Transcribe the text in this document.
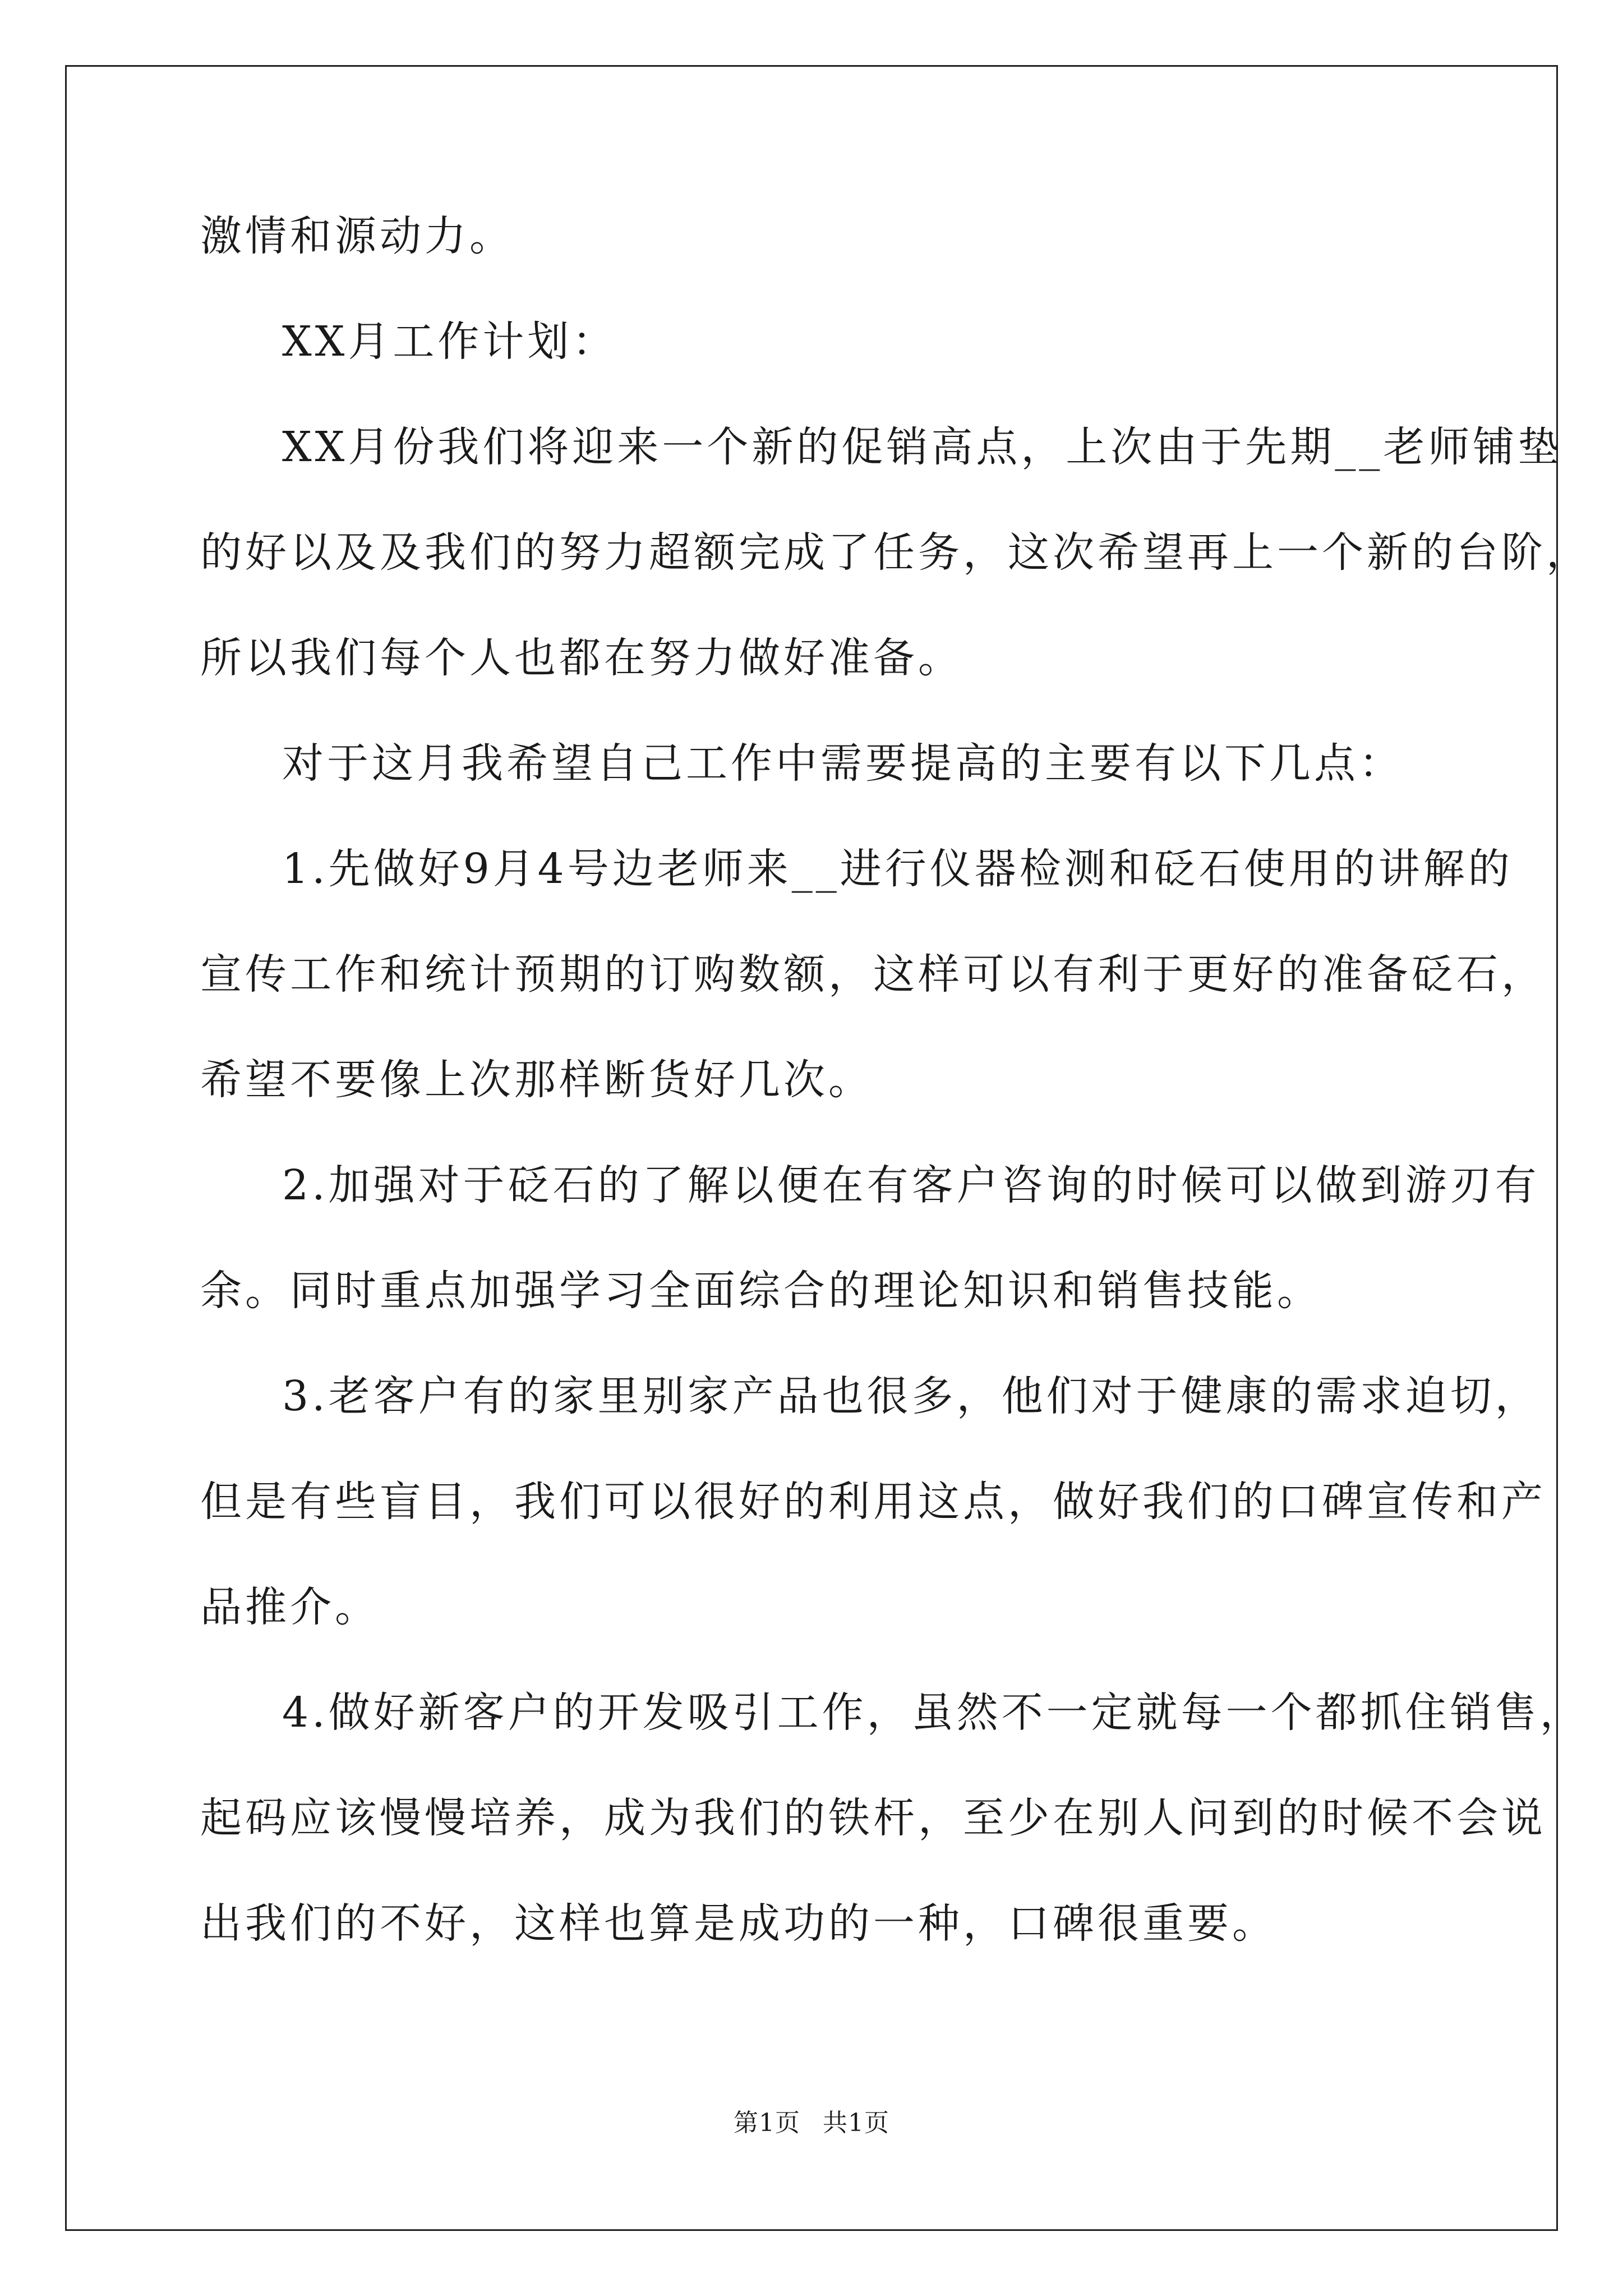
激情和源动力。
XX月工作计划：
XX月份我们将迎来一个新的促销高点，上次由于先期__老师铺垫
的好以及及我们的努力超额完成了任务，这次希望再上一个新的台阶，
所以我们每个人也都在努力做好准备。
对于这月我希望自己工作中需要提高的主要有以下几点：
1.先做好9月4号边老师来__进行仪器检测和砭石使用的讲解的
宣传工作和统计预期的订购数额，这样可以有利于更好的准备砭石，
希望不要像上次那样断货好几次。
2.加强对于砭石的了解以便在有客户咨询的时候可以做到游刃有
余。同时重点加强学习全面综合的理论知识和销售技能。
3.老客户有的家里别家产品也很多，他们对于健康的需求迫切，
但是有些盲目，我们可以很好的利用这点，做好我们的口碑宣传和产
品推介。
4.做好新客户的开发吸引工作，虽然不一定就每一个都抓住销售，
起码应该慢慢培养，成为我们的铁杆，至少在别人问到的时候不会说
出我们的不好，这样也算是成功的一种，口碑很重要。
第1页 共1页
